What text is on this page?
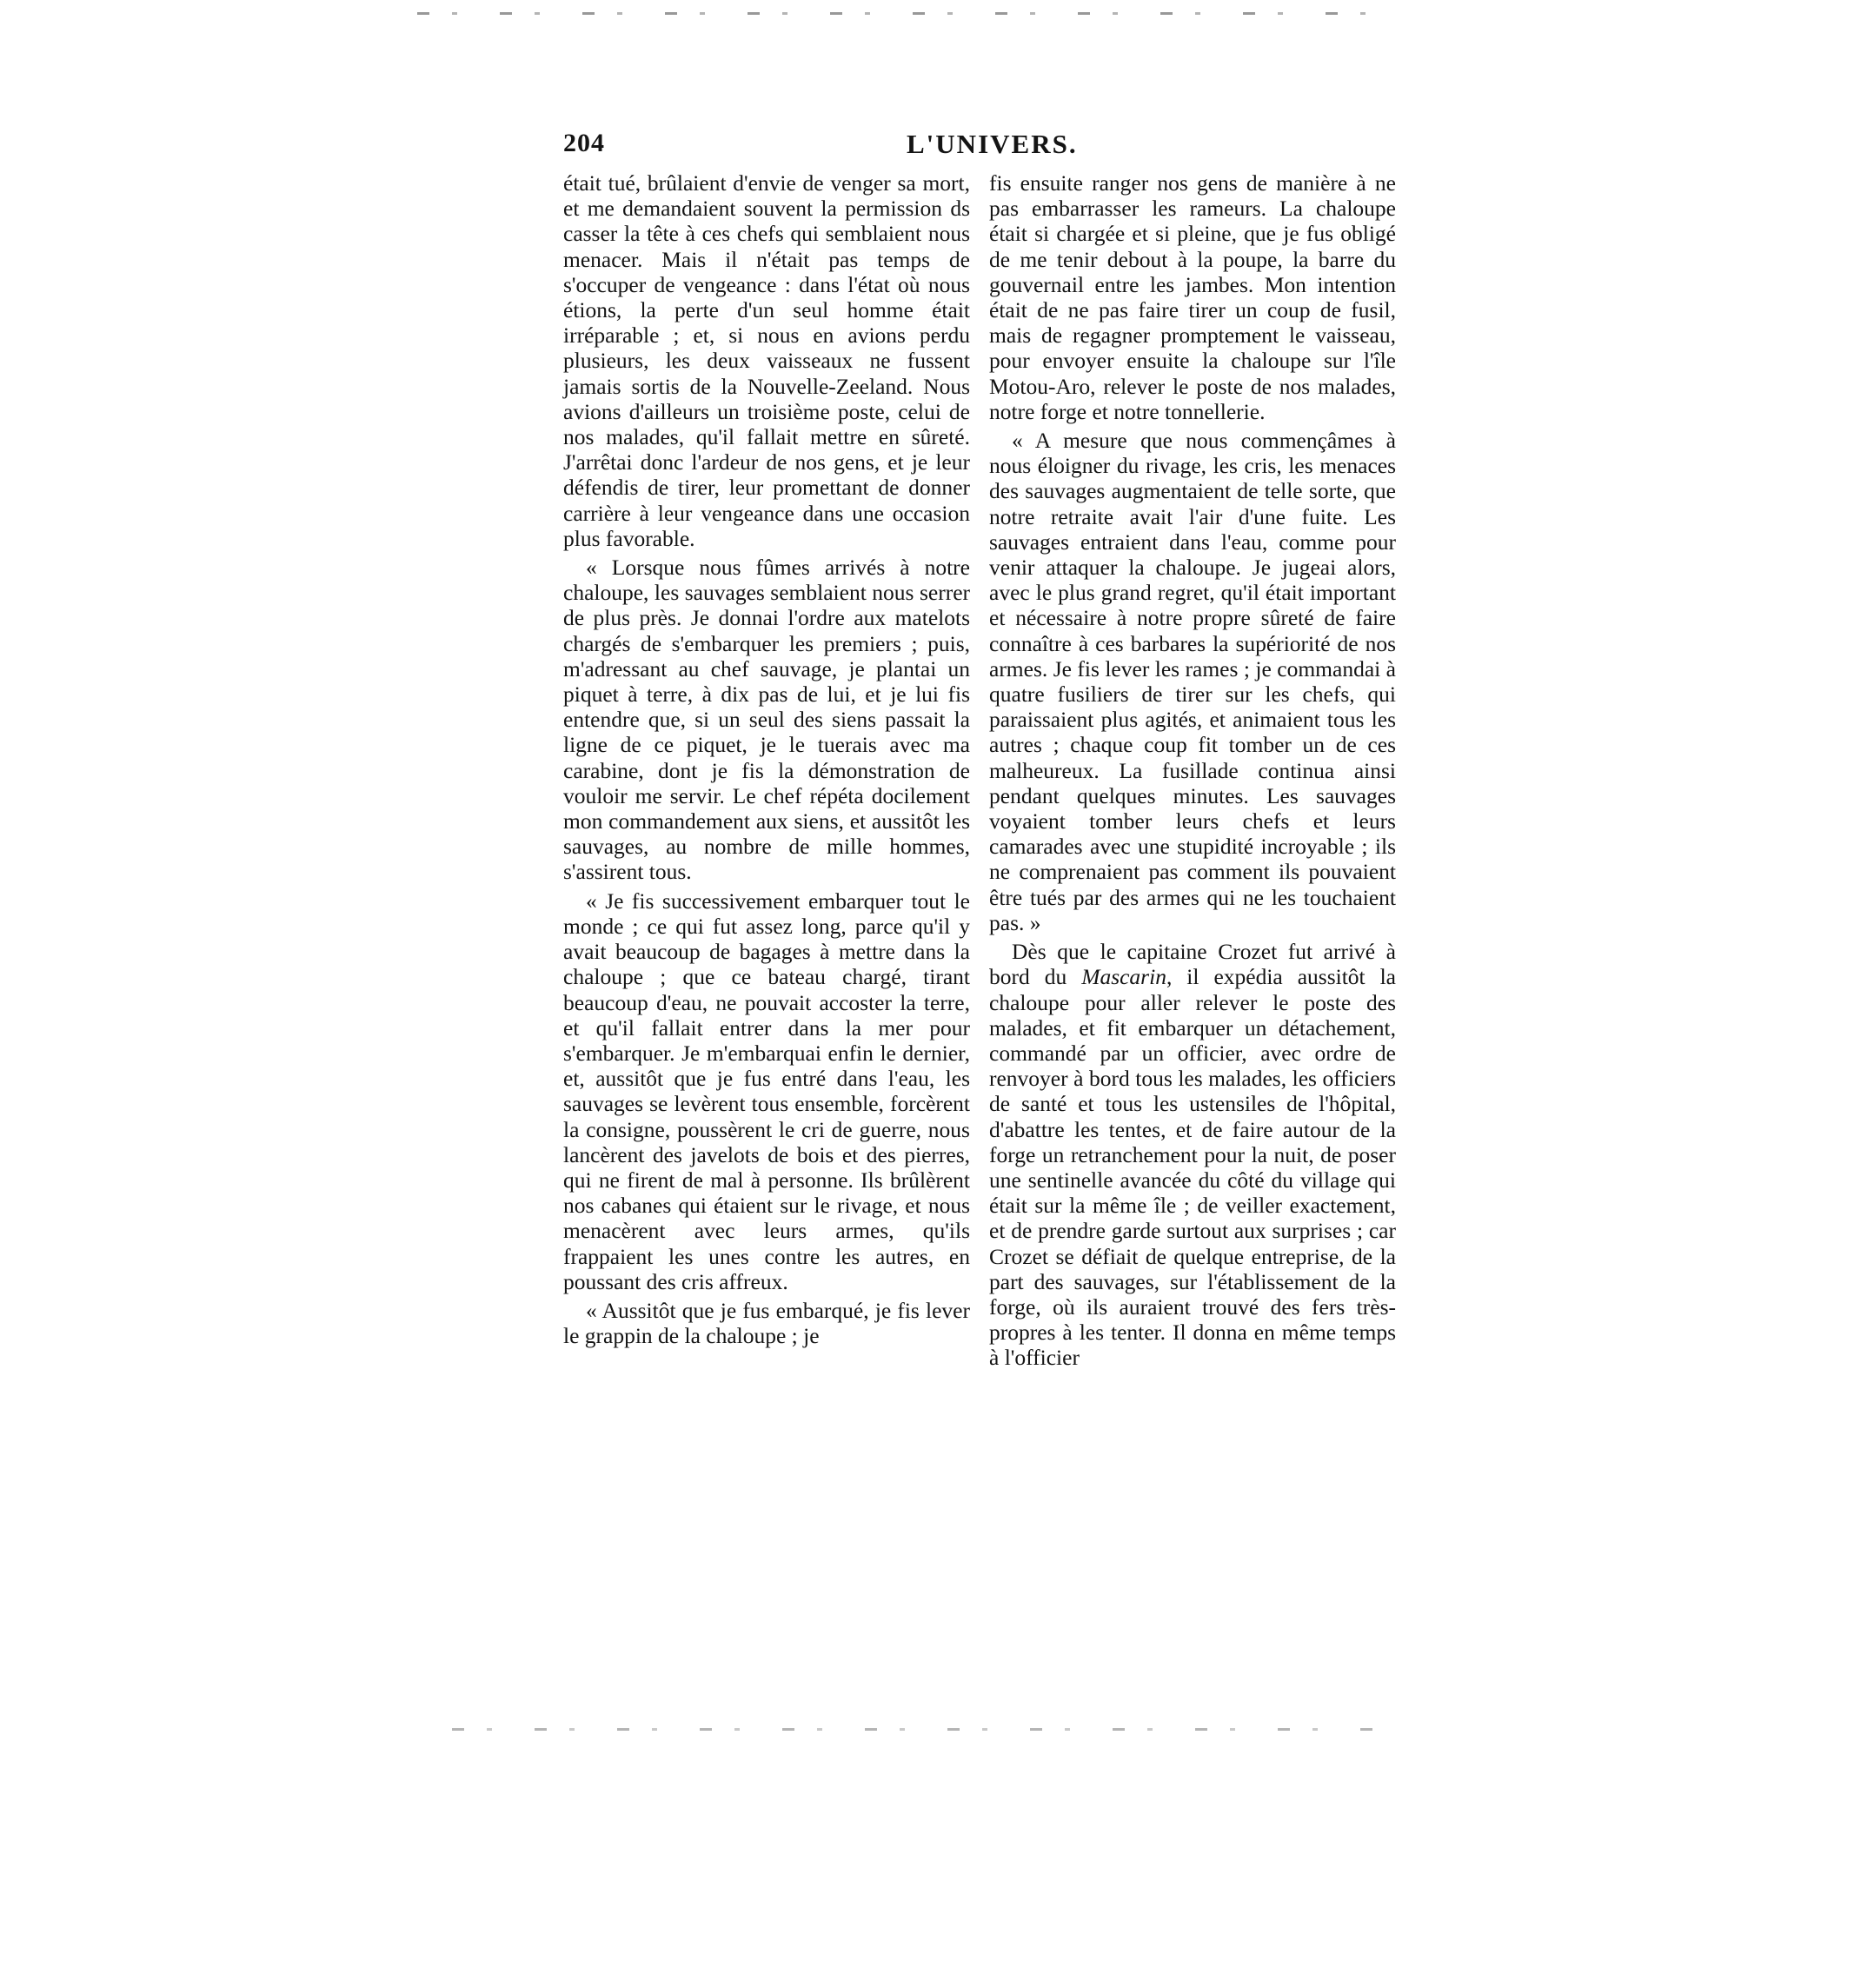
204	L'UNIVERS.

était tué, brûlaient d'envie de venger sa mort, et me demandaient souvent la permission ds casser la tête à ces chefs qui semblaient nous menacer. Mais il n'était pas temps de s'occuper de vengeance : dans l'état où nous étions, la perte d'un seul homme était irréparable ; et, si nous en avions perdu plusieurs, les deux vaisseaux ne fussent jamais sortis de la Nouvelle-Zeeland. Nous avions d'ailleurs un troisième poste, celui de nos malades, qu'il fallait mettre en sûreté. J'arrêtai donc l'ardeur de nos gens, et je leur défendis de tirer, leur promettant de donner carrière à leur vengeance dans une occasion plus favorable.

« Lorsque nous fûmes arrivés à notre chaloupe, les sauvages semblaient nous serrer de plus près. Je donnai l'ordre aux matelots chargés de s'embarquer les premiers ; puis, m'adressant au chef sauvage, je plantai un piquet à terre, à dix pas de lui, et je lui fis entendre que, si un seul des siens passait la ligne de ce piquet, je le tuerais avec ma carabine, dont je fis la démonstration de vouloir me servir. Le chef répéta docilement mon commandement aux siens, et aussitôt les sauvages, au nombre de mille hommes, s'assirent tous.

« Je fis successivement embarquer tout le monde ; ce qui fut assez long, parce qu'il y avait beaucoup de bagages à mettre dans la chaloupe ; que ce bateau chargé, tirant beaucoup d'eau, ne pouvait accoster la terre, et qu'il fallait entrer dans la mer pour s'embarquer. Je m'embarquai enfin le dernier, et, aussitôt que je fus entré dans l'eau, les sauvages se levèrent tous ensemble, forcèrent la consigne, poussèrent le cri de guerre, nous lancèrent des javelots de bois et des pierres, qui ne firent de mal à personne. Ils brûlèrent nos cabanes qui étaient sur le rivage, et nous menacèrent avec leurs armes, qu'ils frappaient les unes contre les autres, en poussant des cris affreux.

« Aussitôt que je fus embarqué, je fis lever le grappin de la chaloupe ; je

fis ensuite ranger nos gens de manière à ne pas embarrasser les rameurs. La chaloupe était si chargée et si pleine, que je fus obligé de me tenir debout à la poupe, la barre du gouvernail entre les jambes. Mon intention était de ne pas faire tirer un coup de fusil, mais de regagner promptement le vaisseau, pour envoyer ensuite la chaloupe sur l'île Motou-Aro, relever le poste de nos malades, notre forge et notre tonnellerie.

« A mesure que nous commençâmes à nous éloigner du rivage, les cris, les menaces des sauvages augmentaient de telle sorte, que notre retraite avait l'air d'une fuite. Les sauvages entraient dans l'eau, comme pour venir attaquer la chaloupe. Je jugeai alors, avec le plus grand regret, qu'il était important et nécessaire à notre propre sûreté de faire connaître à ces barbares la supériorité de nos armes. Je fis lever les rames ; je commandai à quatre fusiliers de tirer sur les chefs, qui paraissaient plus agités, et animaient tous les autres ; chaque coup fit tomber un de ces malheureux. La fusillade continua ainsi pendant quelques minutes. Les sauvages voyaient tomber leurs chefs et leurs camarades avec une stupidité incroyable ; ils ne comprenaient pas comment ils pouvaient être tués par des armes qui ne les touchaient pas. »

Dès que le capitaine Crozet fut arrivé à bord du Mascarin, il expédia aussitôt la chaloupe pour aller relever le poste des malades, et fit embarquer un détachement, commandé par un officier, avec ordre de renvoyer à bord tous les malades, les officiers de santé et tous les ustensiles de l'hôpital, d'abattre les tentes, et de faire autour de la forge un retranchement pour la nuit, de poser une sentinelle avancée du côté du village qui était sur la même île ; de veiller exactement, et de prendre garde surtout aux surprises ; car Crozet se défiait de quelque entreprise, de la part des sauvages, sur l'établissement de la forge, où ils auraient trouvé des fers très-propres à les tenter. Il donna en même temps à l'officier
